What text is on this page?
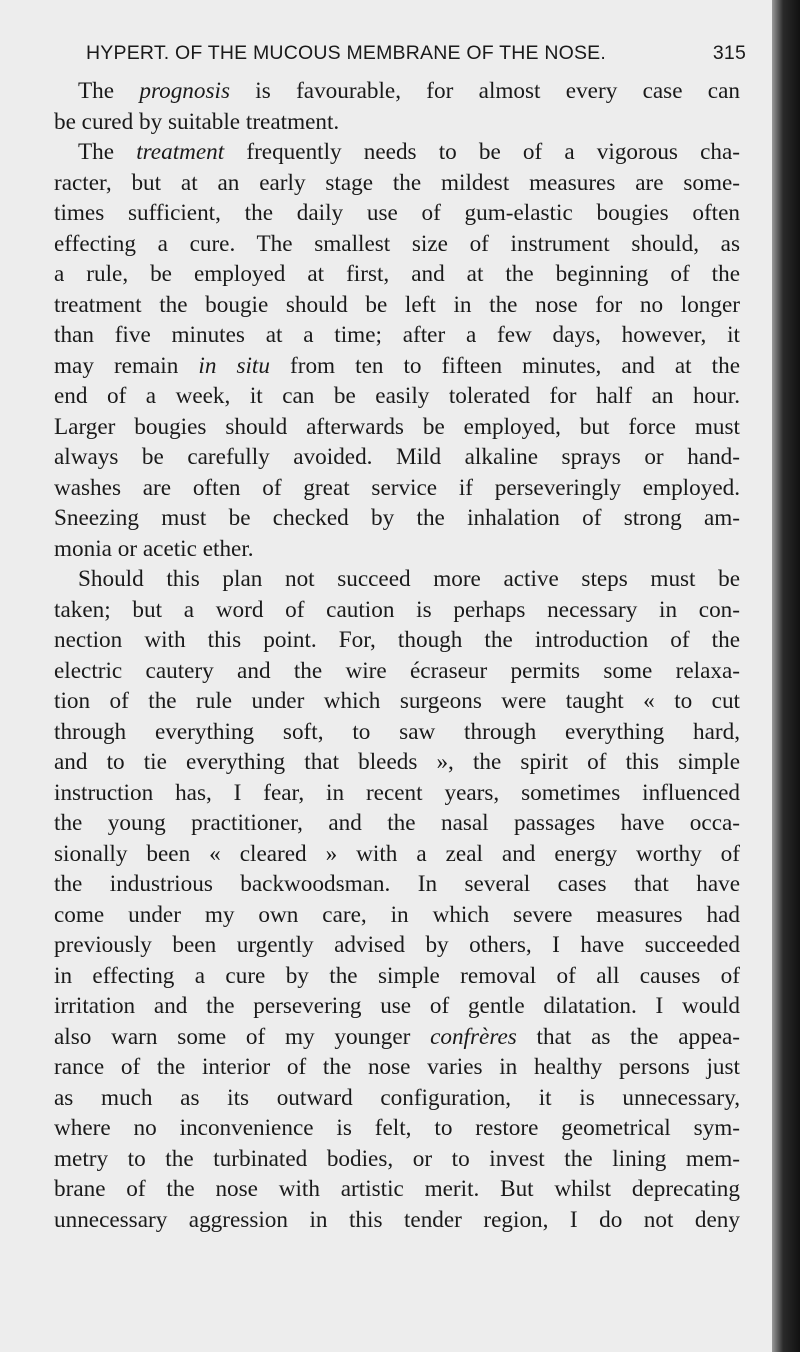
HYPERT. OF THE MUCOUS MEMBRANE OF THE NOSE.	315
The prognosis is favourable, for almost every case can
be cured by suitable treatment.
The treatment frequently needs to be of a vigorous cha-
racter, but at an early stage the mildest measures are some-
times sufficient, the daily use of gum-elastic bougies often
effecting a cure. The smallest size of instrument should, as
a rule, be employed at first, and at the beginning of the
treatment the bougie should be left in the nose for no longer
than five minutes at a time; after a few days, however, it
may remain in situ from ten to fifteen minutes, and at the
end of a week, it can be easily tolerated for half an hour.
Larger bougies should afterwards be employed, but force must
always be carefully avoided. Mild alkaline sprays or hand-
washes are often of great service if perseveringly employed.
Sneezing must be checked by the inhalation of strong am-
monia or acetic ether.
Should this plan not succeed more active steps must be
taken; but a word of caution is perhaps necessary in con-
nection with this point. For, though the introduction of the
electric cautery and the wire écraseur permits some relaxa-
tion of the rule under which surgeons were taught « to cut
through everything soft, to saw through everything hard,
and to tie everything that bleeds », the spirit of this simple
instruction has, I fear, in recent years, sometimes influenced
the young practitioner, and the nasal passages have occa-
sionally been « cleared » with a zeal and energy worthy of
the industrious backwoodsman. In several cases that have
come under my own care, in which severe measures had
previously been urgently advised by others, I have succeeded
in effecting a cure by the simple removal of all causes of
irritation and the persevering use of gentle dilatation. I would
also warn some of my younger confrères that as the appea-
rance of the interior of the nose varies in healthy persons just
as much as its outward configuration, it is unnecessary,
where no inconvenience is felt, to restore geometrical sym-
metry to the turbinated bodies, or to invest the lining mem-
brane of the nose with artistic merit. But whilst deprecating
unnecessary aggression in this tender region, I do not deny
